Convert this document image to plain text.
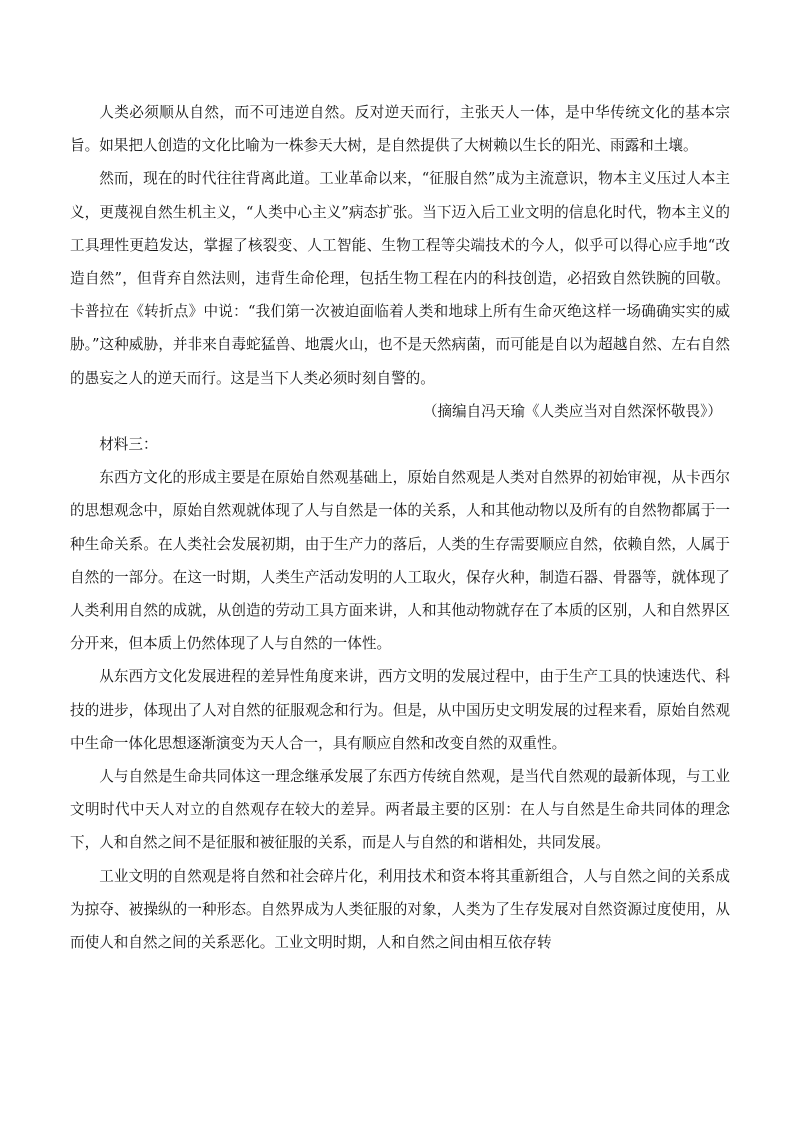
人类必须顺从自然，而不可违逆自然。反对逆天而行，主张天人一体，是中华传统文化的基本宗旨。如果把人创造的文化比喻为一株参天大树，是自然提供了大树赖以生长的阳光、雨露和土壤。

然而，现在的时代往往背离此道。工业革命以来，“征服自然”成为主流意识，物本主义压过人本主义，更蔑视自然生机主义，“人类中心主义”病态扩张。当下迈入后工业文明的信息化时代，物本主义的工具理性更趋发达，掌握了核裂变、人工智能、生物工程等尖端技术的今人，似乎可以得心应手地“改造自然”，但背弃自然法则，违背生命伦理，包括生物工程在内的科技创造，必招致自然铁腕的回敬。卡普拉在《转折点》中说：“我们第一次被迫面临着人类和地球上所有生命灭绝这样一场确确实实的威胁。”这种威胁，并非来自毒蛇猛兽、地震火山，也不是天然病菌，而可能是自以为超越自然、左右自然的愚妄之人的逆天而行。这是当下人类必须时刻自警的。

（摘编自冯天瑜《人类应当对自然深怀敬畏》）

材料三：

东西方文化的形成主要是在原始自然观基础上，原始自然观是人类对自然界的初始审视，从卡西尔的思想观念中，原始自然观就体现了人与自然是一体的关系，人和其他动物以及所有的自然物都属于一种生命关系。在人类社会发展初期，由于生产力的落后，人类的生存需要顺应自然，依赖自然，人属于自然的一部分。在这一时期，人类生产活动发明的人工取火，保存火种，制造石器、骨器等，就体现了人类利用自然的成就，从创造的劳动工具方面来讲，人和其他动物就存在了本质的区别，人和自然界区分开来，但本质上仍然体现了人与自然的一体性。

从东西方文化发展进程的差异性角度来讲，西方文明的发展过程中，由于生产工具的快速迭代、科技的进步，体现出了人对自然的征服观念和行为。但是，从中国历史文明发展的过程来看，原始自然观中生命一体化思想逐渐演变为天人合一，具有顺应自然和改变自然的双重性。

人与自然是生命共同体这一理念继承发展了东西方传统自然观，是当代自然观的最新体现，与工业文明时代中天人对立的自然观存在较大的差异。两者最主要的区别：在人与自然是生命共同体的理念下，人和自然之间不是征服和被征服的关系，而是人与自然的和谐相处，共同发展。

工业文明的自然观是将自然和社会碎片化，利用技术和资本将其重新组合，人与自然之间的关系成为掠夺、被操纵的一种形态。自然界成为人类征服的对象，人类为了生存发展对自然资源过度使用，从而使人和自然之间的关系恶化。工业文明时期，人和自然之间由相互依存转
